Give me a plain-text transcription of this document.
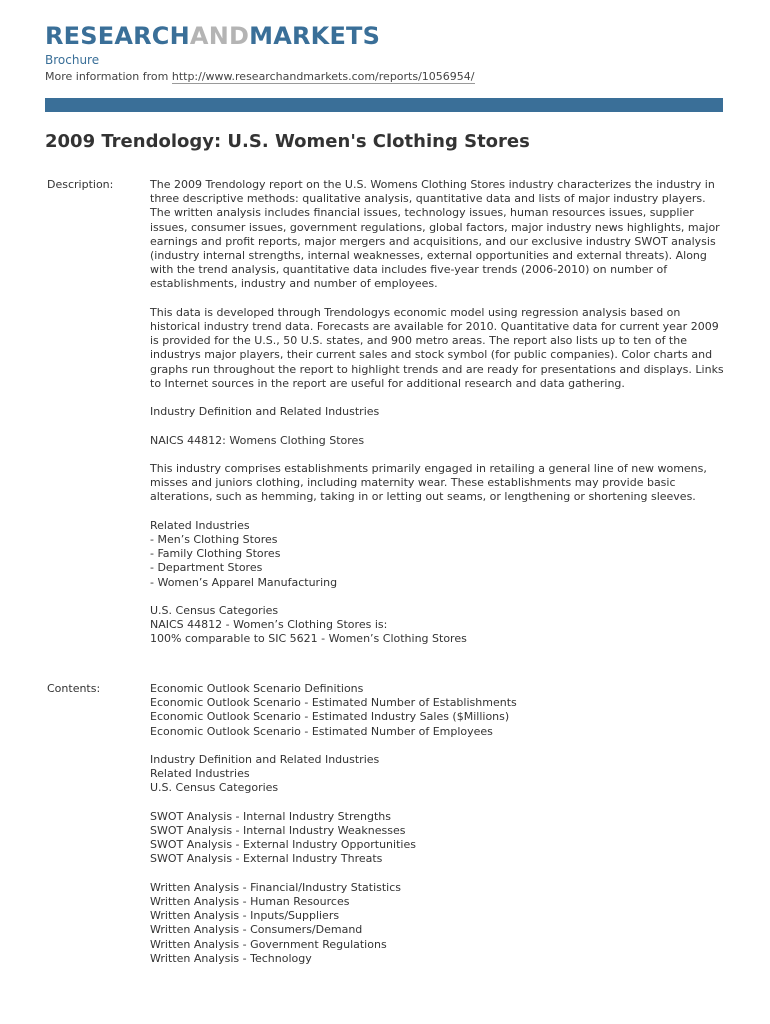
RESEARCHANDMARKETS
Brochure
More information from http://www.researchandmarkets.com/reports/1056954/
2009 Trendology: U.S. Women's Clothing Stores
Description:	The 2009 Trendology report on the U.S. Womens Clothing Stores industry characterizes the industry in three descriptive methods: qualitative analysis, quantitative data and lists of major industry players. The written analysis includes financial issues, technology issues, human resources issues, supplier issues, consumer issues, government regulations, global factors, major industry news highlights, major earnings and profit reports, major mergers and acquisitions, and our exclusive industry SWOT analysis (industry internal strengths, internal weaknesses, external opportunities and external threats). Along with the trend analysis, quantitative data includes five-year trends (2006-2010) on number of establishments, industry and number of employees.

This data is developed through Trendologys economic model using regression analysis based on historical industry trend data. Forecasts are available for 2010. Quantitative data for current year 2009 is provided for the U.S., 50 U.S. states, and 900 metro areas. The report also lists up to ten of the industrys major players, their current sales and stock symbol (for public companies). Color charts and graphs run throughout the report to highlight trends and are ready for presentations and displays. Links to Internet sources in the report are useful for additional research and data gathering.

Industry Definition and Related Industries

NAICS 44812: Womens Clothing Stores

This industry comprises establishments primarily engaged in retailing a general line of new womens, misses and juniors clothing, including maternity wear. These establishments may provide basic alterations, such as hemming, taking in or letting out seams, or lengthening or shortening sleeves.

Related Industries
- Men’s Clothing Stores
- Family Clothing Stores
- Department Stores
- Women’s Apparel Manufacturing
U.S. Census Categories
NAICS 44812 - Women’s Clothing Stores is:
100% comparable to SIC 5621 - Women’s Clothing Stores
Contents:	Economic Outlook Scenario Definitions
Economic Outlook Scenario - Estimated Number of Establishments
Economic Outlook Scenario - Estimated Industry Sales ($Millions)
Economic Outlook Scenario - Estimated Number of Employees
Industry Definition and Related Industries
Related Industries
U.S. Census Categories
SWOT Analysis - Internal Industry Strengths
SWOT Analysis - Internal Industry Weaknesses
SWOT Analysis - External Industry Opportunities
SWOT Analysis - External Industry Threats
Written Analysis - Financial/Industry Statistics
Written Analysis - Human Resources
Written Analysis - Inputs/Suppliers
Written Analysis - Consumers/Demand
Written Analysis - Government Regulations
Written Analysis - Technology
